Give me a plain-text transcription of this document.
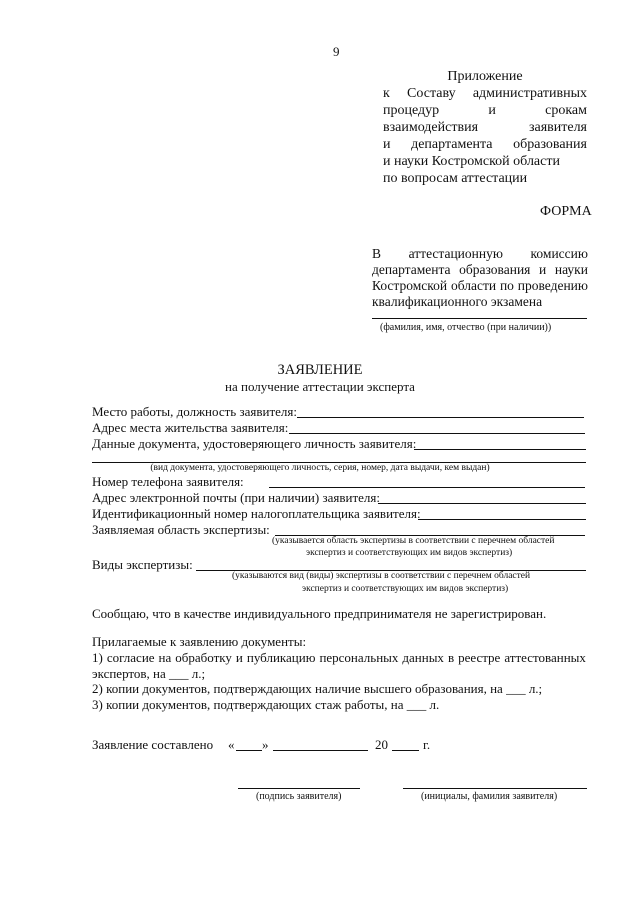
9
Приложение
к Составу административных
процедур	и	срокам
взаимодействия	заявителя
и департамента образования
и науки Костромской области
по вопросам аттестации
ФОРМА
В аттестационную комиссию
департамента образования и науки
Костромской области по проведению
квалификационного экзамена
(фамилия, имя, отчество (при наличии))
ЗАЯВЛЕНИЕ
на получение аттестации эксперта
Место работы, должность заявителя:
Адрес места жительства заявителя:
Данные документа, удостоверяющего личность заявителя:
(вид документа, удостоверяющего личность, серия, номер, дата выдачи, кем выдан)
Номер телефона заявителя:
Адрес электронной почты (при наличии) заявителя:
Идентификационный номер налогоплательщика заявителя:
Заявляемая область экспертизы:
(указывается область экспертизы в соответствии с перечнем областей
экспертиз и соответствующих им видов экспертиз)
Виды экспертизы:
(указываются вид (виды) экспертизы в соответствии с перечнем областей
экспертиз и соответствующих им видов экспертиз)
Сообщаю, что в качестве индивидуального предпринимателя не зарегистрирован.
Прилагаемые к заявлению документы:
1) согласие на обработку и публикацию персональных данных в реестре аттестованных
экспертов, на ___ л.;
2) копии документов, подтверждающих наличие высшего образования, на ___ л.;
3) копии документов, подтверждающих стаж работы, на ___ л.
Заявление составлено « »	20	г.
(подпись заявителя)	(инициалы, фамилия заявителя)
